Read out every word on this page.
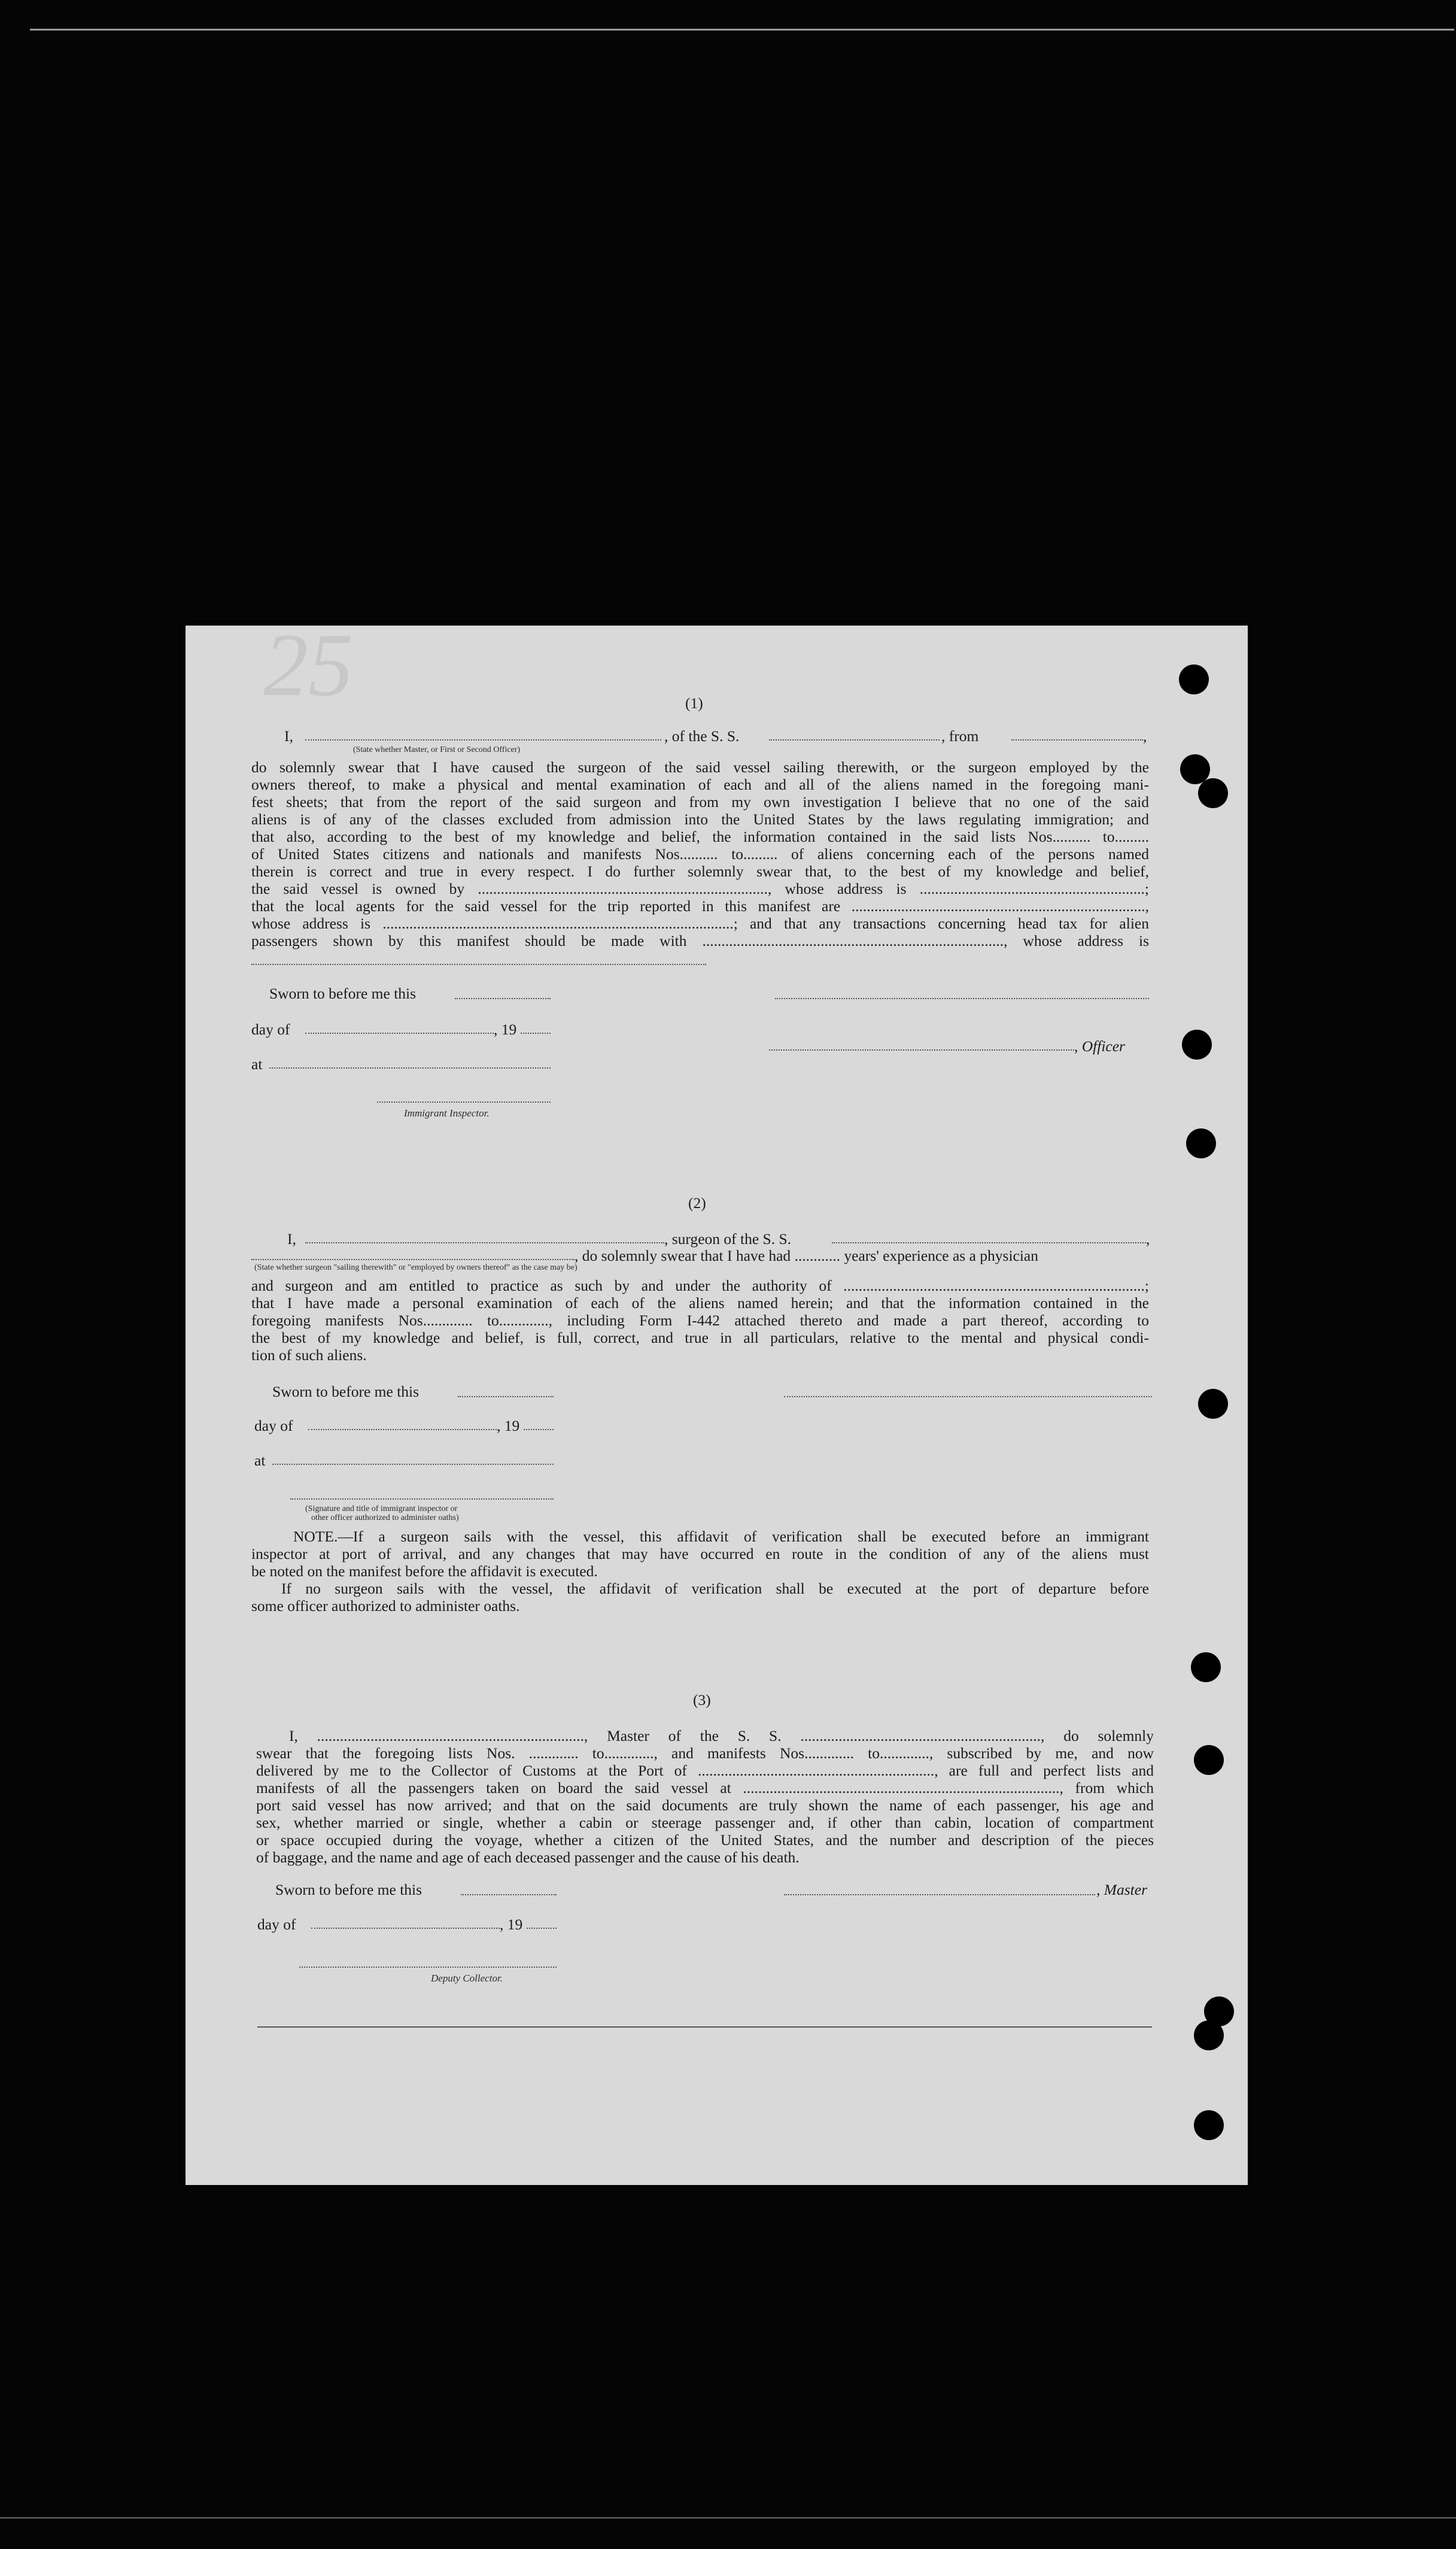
25	(1)
I,	, of the S. S.	, from	,
(State whether Master, or First or Second Officer)
do solemnly swear that I have caused the surgeon of the said vessel sailing therewith, or the surgeon employed by the
owners thereof, to make a physical and mental examination of each and all of the aliens named in the foregoing mani-
fest sheets; that from the report of the said surgeon and from my own investigation I believe that no one of the said
aliens is of any of the classes excluded from admission into the United States by the laws regulating immigration; and
that also, according to the best of my knowledge and belief, the information contained in the said lists Nos.......... to.........
of United States citizens and nationals and manifests Nos.......... to......... of aliens concerning each of the persons named
therein is correct and true in every respect. I do further solemnly swear that, to the best of my knowledge and belief,
the said vessel is owned by ............................................................................, whose address is ...........................................................;
that the local agents for the said vessel for the trip reported in this manifest are .............................................................................,
whose address is ............................................................................................; and that any transactions concerning head tax for alien
passengers shown by this manifest should be made with ..............................................................................., whose address is
Sworn to before me this
day of	, 19
, Officer
at
Immigrant Inspector.
(2)
I,	, surgeon of the S. S.	,
, do solemnly swear that I have had ............ years' experience as a physician
(State whether surgeon "sailing therewith" or "employed by owners thereof" as the case may be)
and surgeon and am entitled to practice as such by and under the authority of ...............................................................................;
that I have made a personal examination of each of the aliens named herein; and that the information contained in the
foregoing manifests Nos............. to............., including Form I-442 attached thereto and made a part thereof, according to
the best of my knowledge and belief, is full, correct, and true in all particulars, relative to the mental and physical condi-
tion of such aliens.
Sworn to before me this
day of	, 19
at
(Signature and title of immigrant inspector or
other officer authorized to administer oaths)
NOTE.—If a surgeon sails with the vessel, this affidavit of verification shall be executed before an immigrant
inspector at port of arrival, and any changes that may have occurred en route in the condition of any of the aliens must
be noted on the manifest before the affidavit is executed.
If no surgeon sails with the vessel, the affidavit of verification shall be executed at the port of departure before
some officer authorized to administer oaths.
(3)
I, ......................................................................, Master of the S. S. ..............................................................., do solemnly
swear that the foregoing lists Nos. ............. to............., and manifests Nos............. to............., subscribed by me, and now
delivered by me to the Collector of Customs at the Port of .............................................................., are full and perfect lists and
manifests of all the passengers taken on board the said vessel at ..................................................................................., from which
port said vessel has now arrived; and that on the said documents are truly shown the name of each passenger, his age and
sex, whether married or single, whether a cabin or steerage passenger and, if other than cabin, location of compartment
or space occupied during the voyage, whether a citizen of the United States, and the number and description of the pieces
of baggage, and the name and age of each deceased passenger and the cause of his death.
Sworn to before me this	, Master
day of	, 19
Deputy Collector.
